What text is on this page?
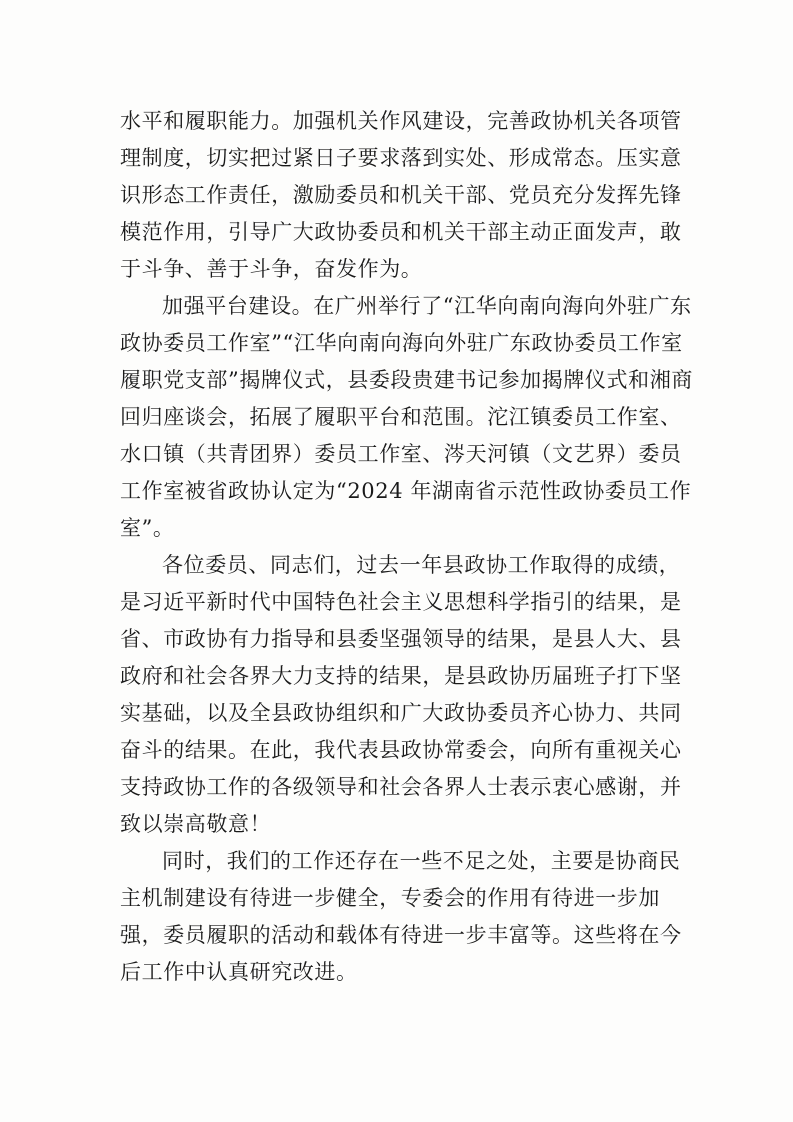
水平和履职能力。加强机关作风建设，完善政协机关各项管
理制度，切实把过紧日子要求落到实处、形成常态。压实意
识形态工作责任，激励委员和机关干部、党员充分发挥先锋
模范作用，引导广大政协委员和机关干部主动正面发声，敢
于斗争、善于斗争，奋发作为。
加强平台建设。在广州举行了“江华向南向海向外驻广东
政协委员工作室”“江华向南向海向外驻广东政协委员工作室
履职党支部”揭牌仪式，县委段贵建书记参加揭牌仪式和湘商
回归座谈会，拓展了履职平台和范围。沱江镇委员工作室、
水口镇（共青团界）委员工作室、涔天河镇（文艺界）委员
工作室被省政协认定为“2024 年湖南省示范性政协委员工作
室”。
各位委员、同志们，过去一年县政协工作取得的成绩，
是习近平新时代中国特色社会主义思想科学指引的结果，是
省、市政协有力指导和县委坚强领导的结果，是县人大、县
政府和社会各界大力支持的结果，是县政协历届班子打下坚
实基础，以及全县政协组织和广大政协委员齐心协力、共同
奋斗的结果。在此，我代表县政协常委会，向所有重视关心
支持政协工作的各级领导和社会各界人士表示衷心感谢，并
致以崇高敬意！
同时，我们的工作还存在一些不足之处，主要是协商民
主机制建设有待进一步健全，专委会的作用有待进一步加
强，委员履职的活动和载体有待进一步丰富等。这些将在今
后工作中认真研究改进。
